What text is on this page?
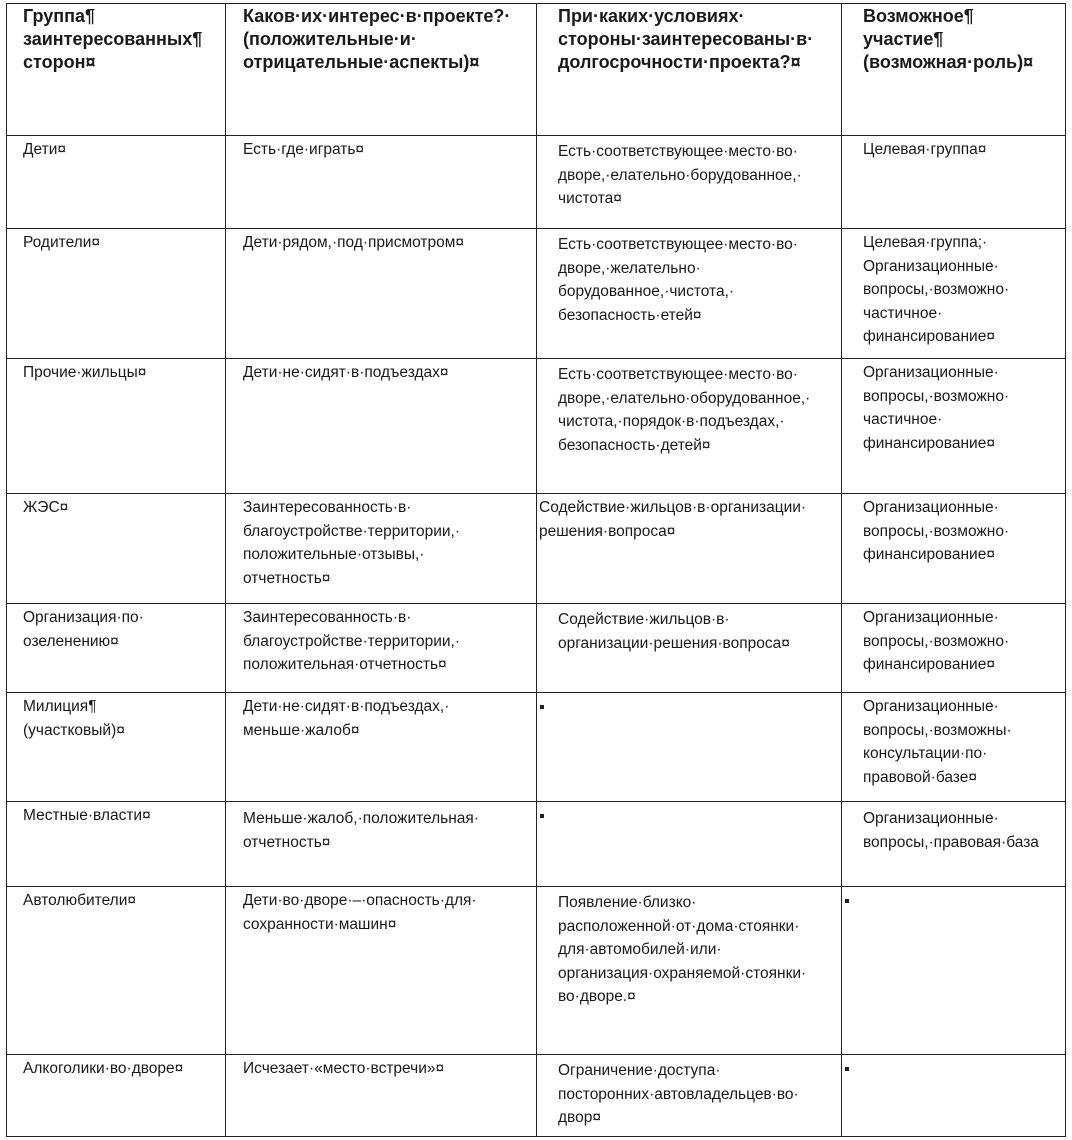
Группа¶
заинтересованных¶
сторон¤	Каков·их·интерес·в·проекте?·
(положительные·и·
отрицательные·аспекты)¤	При·каких·условиях·
стороны·заинтересованы·в·
долгосрочности·проекта?¤	Возможное¶
участие¶
(возможная·роль)¤

Дети¤	Есть·где·играть¤	Есть·соответствующее·место·во·
дворе,·елательно·борудованное,·
чистота¤	Целевая·группа¤

Родители¤	Дети·рядом,·под·присмотром¤	Есть·соответствующее·место·во·
дворе,·желательно·
борудованное,·чистота,·
безопасность·етей¤	Целевая·группа;·
Организационные·
вопросы,·возможно·
частичное·
финансирование¤

Прочие·жильцы¤	Дети·не·сидят·в·подъездах¤	Есть·соответствующее·место·во·
дворе,·елательно·оборудованное,·
чистота,·порядок·в·подъездах,·
безопасность·детей¤	Организационные·
вопросы,·возможно·
частичное·
финансирование¤

ЖЭС¤	Заинтересованность·в·
благоустройстве·территории,·
положительные·отзывы,·
отчетность¤	Содействие·жильцов·в·организации·
решения·вопроса¤	Организационные·
вопросы,·возможно·
финансирование¤

Организация·по·
озеленению¤	Заинтересованность·в·
благоустройстве·территории,·
положительная·отчетность¤	Содействие·жильцов·в·
организации·решения·вопроса¤	Организационные·
вопросы,·возможно·
финансирование¤

Милиция¶
(участковый)¤	Дети·не·сидят·в·подъездах,·
меньше·жалоб¤		Организационные·
вопросы,·возможны·
консультации·по·
правовой·базе¤

Местные·власти¤	Меньше·жалоб,·положительная·
отчетность¤		Организационные·
вопросы,·правовая·база

Автолюбители¤	Дети·во·дворе·–·опасность·для·
сохранности·машин¤	Появление·близко·
расположенной·от·дома·стоянки·
для·автомобилей·или·
организация·охраняемой·стоянки·
во·дворе.¤	

Алкоголики·во·дворе¤	Исчезает·«место·встречи»¤	Ограничение·доступа·
посторонних·автовладельцев·во·
двор¤	
